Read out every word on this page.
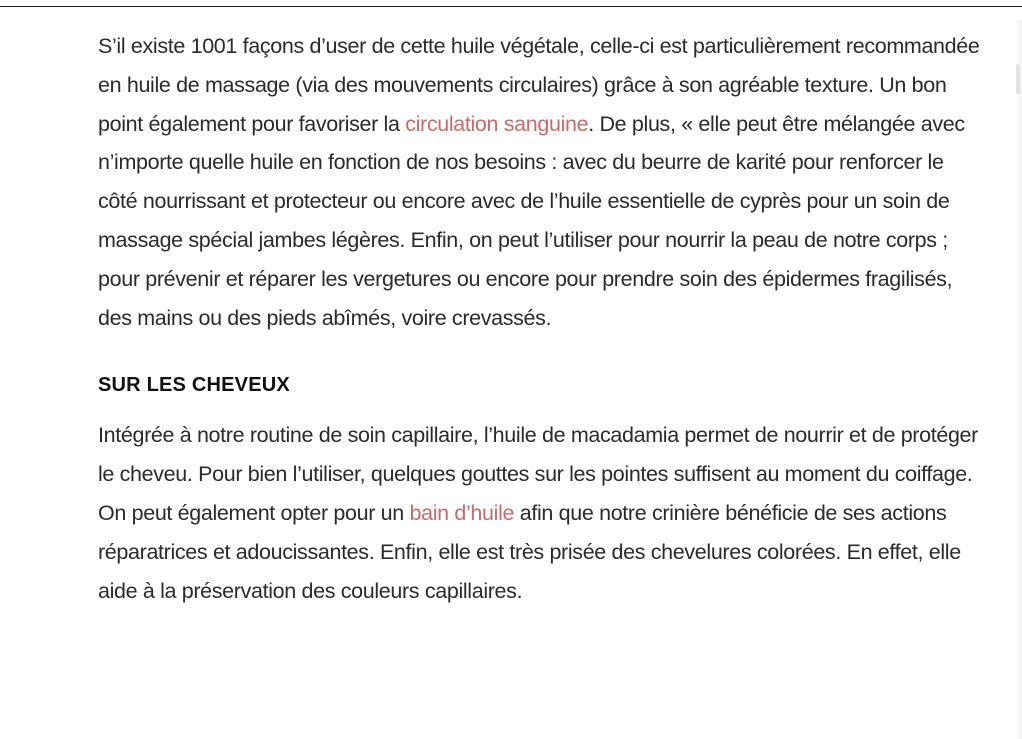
S’il existe 1001 façons d’user de cette huile végétale, celle-ci est particulièrement recommandée en huile de massage (via des mouvements circulaires) grâce à son agréable texture. Un bon point également pour favoriser la circulation sanguine. De plus, « elle peut être mélangée avec n’importe quelle huile en fonction de nos besoins : avec du beurre de karité pour renforcer le côté nourrissant et protecteur ou encore avec de l’huile essentielle de cyprès pour un soin de massage spécial jambes légères. Enfin, on peut l’utiliser pour nourrir la peau de notre corps ; pour prévenir et réparer les vergetures ou encore pour prendre soin des épidermes fragilisés, des mains ou des pieds abîmés, voire crevassés.

SUR LES CHEVEUX

Intégrée à notre routine de soin capillaire, l’huile de macadamia permet de nourrir et de protéger le cheveu. Pour bien l’utiliser, quelques gouttes sur les pointes suffisent au moment du coiffage. On peut également opter pour un bain d’huile afin que notre crinière bénéficie de ses actions réparatrices et adoucissantes. Enfin, elle est très prisée des chevelures colorées. En effet, elle aide à la préservation des couleurs capillaires.
